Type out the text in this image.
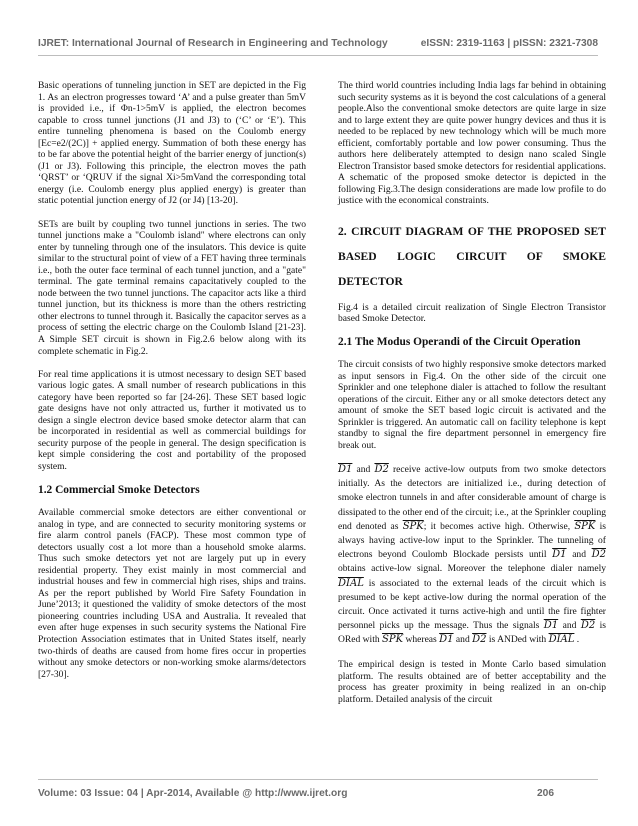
IJRET: International Journal of Research in Engineering and Technology	eISSN: 2319-1163 | pISSN: 2321-7308

Basic operations of tunneling junction in SET are depicted in the Fig 1. As an electron progresses toward ‘A’ and a pulse greater than 5mV is provided i.e., if Φn-1>5mV is applied, the electron becomes capable to cross tunnel junctions (J1 and J3) to (‘C’ or ‘E’). This entire tunneling phenomena is based on the Coulomb energy [Ec=e2/(2C)] + applied energy. Summation of both these energy has to be far above the potential height of the barrier energy of junction(s) (J1 or J3). Following this principle, the electron moves the path ‘QRST’ or ‘QRUV if the signal Xi>5mVand the corresponding total energy (i.e. Coulomb energy plus applied energy) is greater than static potential junction energy of J2 (or J4) [13-20].

SETs are built by coupling two tunnel junctions in series. The two tunnel junctions make a "Coulomb island" where electrons can only enter by tunneling through one of the insulators. This device is quite similar to the structural point of view of a FET having three terminals i.e., both the outer face terminal of each tunnel junction, and a "gate" terminal. The gate terminal remains capacitatively coupled to the node between the two tunnel junctions. The capacitor acts like a third tunnel junction, but its thickness is more than the others restricting other electrons to tunnel through it. Basically the capacitor serves as a process of setting the electric charge on the Coulomb Island [21-23]. A Simple SET circuit is shown in Fig.2.6 below along with its complete schematic in Fig.2.

For real time applications it is utmost necessary to design SET based various logic gates. A small number of research publications in this category have been reported so far [24-26]. These SET based logic gate designs have not only attracted us, further it motivated us to design a single electron device based smoke detector alarm that can be incorporated in residential as well as commercial buildings for security purpose of the people in general. The design specification is kept simple considering the cost and portability of the proposed system.

1.2 Commercial Smoke Detectors

Available commercial smoke detectors are either conventional or analog in type, and are connected to security monitoring systems or fire alarm control panels (FACP). These most common type of detectors usually cost a lot more than a household smoke alarms. Thus such smoke detectors yet not are largely put up in every residential property. They exist mainly in most commercial and industrial houses and few in commercial high rises, ships and trains. As per the report published by World Fire Safety Foundation in June’2013; it questioned the validity of smoke detectors of the most pioneering countries including USA and Australia. It revealed that even after huge expenses in such security systems the National Fire Protection Association estimates that in United States itself, nearly two-thirds of deaths are caused from home fires occur in properties without any smoke detectors or non-working smoke alarms/detectors [27-30].

The third world countries including India lags far behind in obtaining such security systems as it is beyond the cost calculations of a general people.Also the conventional smoke detectors are quite large in size and to large extent they are quite power hungry devices and thus it is needed to be replaced by new technology which will be much more efficient, comfortably portable and low power consuming. Thus the authors here deliberately attempted to design nano scaled Single Electron Transistor based smoke detectors for residential applications. A schematic of the proposed smoke detector is depicted in the following Fig.3.The design considerations are made low profile to do justice with the economical constraints.

2. CIRCUIT DIAGRAM OF THE PROPOSED SET BASED LOGIC CIRCUIT OF SMOKE
DETECTOR

Fig.4 is a detailed circuit realization of Single Electron Transistor based Smoke Detector.

2.1 The Modus Operandi of the Circuit Operation

The circuit consists of two highly responsive smoke detectors marked as input sensors in Fig.4. On the other side of the circuit one Sprinkler and one telephone dialer is attached to follow the resultant operations of the circuit. Either any or all smoke detectors detect any amount of smoke the SET based logic circuit is activated and the Sprinkler is triggered. An automatic call on facility telephone is kept standby to signal the fire department personnel in emergency fire break out.

D1 and D2 receive active-low outputs from two smoke detectors initially. As the detectors are initialized i.e., during detection of smoke electron tunnels in and after considerable amount of charge is dissipated to the other end of the circuit; i.e., at the Sprinkler coupling end denoted as $\overline{SPK}$; it becomes active high. Otherwise, $\overline{SPK}$ is always having active-low input to the Sprinkler. The tunneling of electrons beyond Coulomb Blockade persists until D1 and D2 obtains active-low signal. Moreover the telephone dialer namely DIAL is associated to the external leads of the circuit which is presumed to be kept active-low during the normal operation of the circuit. Once activated it turns active-high and until the fire fighter personnel picks up the message. Thus the signals D1 and D2 is ORed with $\overline{SPK}$ whereas D1 and D2 is ANDed with DIAL .

The empirical design is tested in Monte Carlo based simulation platform. The results obtained are of better acceptability and the process has greater proximity in being realized in an on-chip platform. Detailed analysis of the circuit

Volume: 03 Issue: 04 | Apr-2014, Available @ http://www.ijret.org	206
